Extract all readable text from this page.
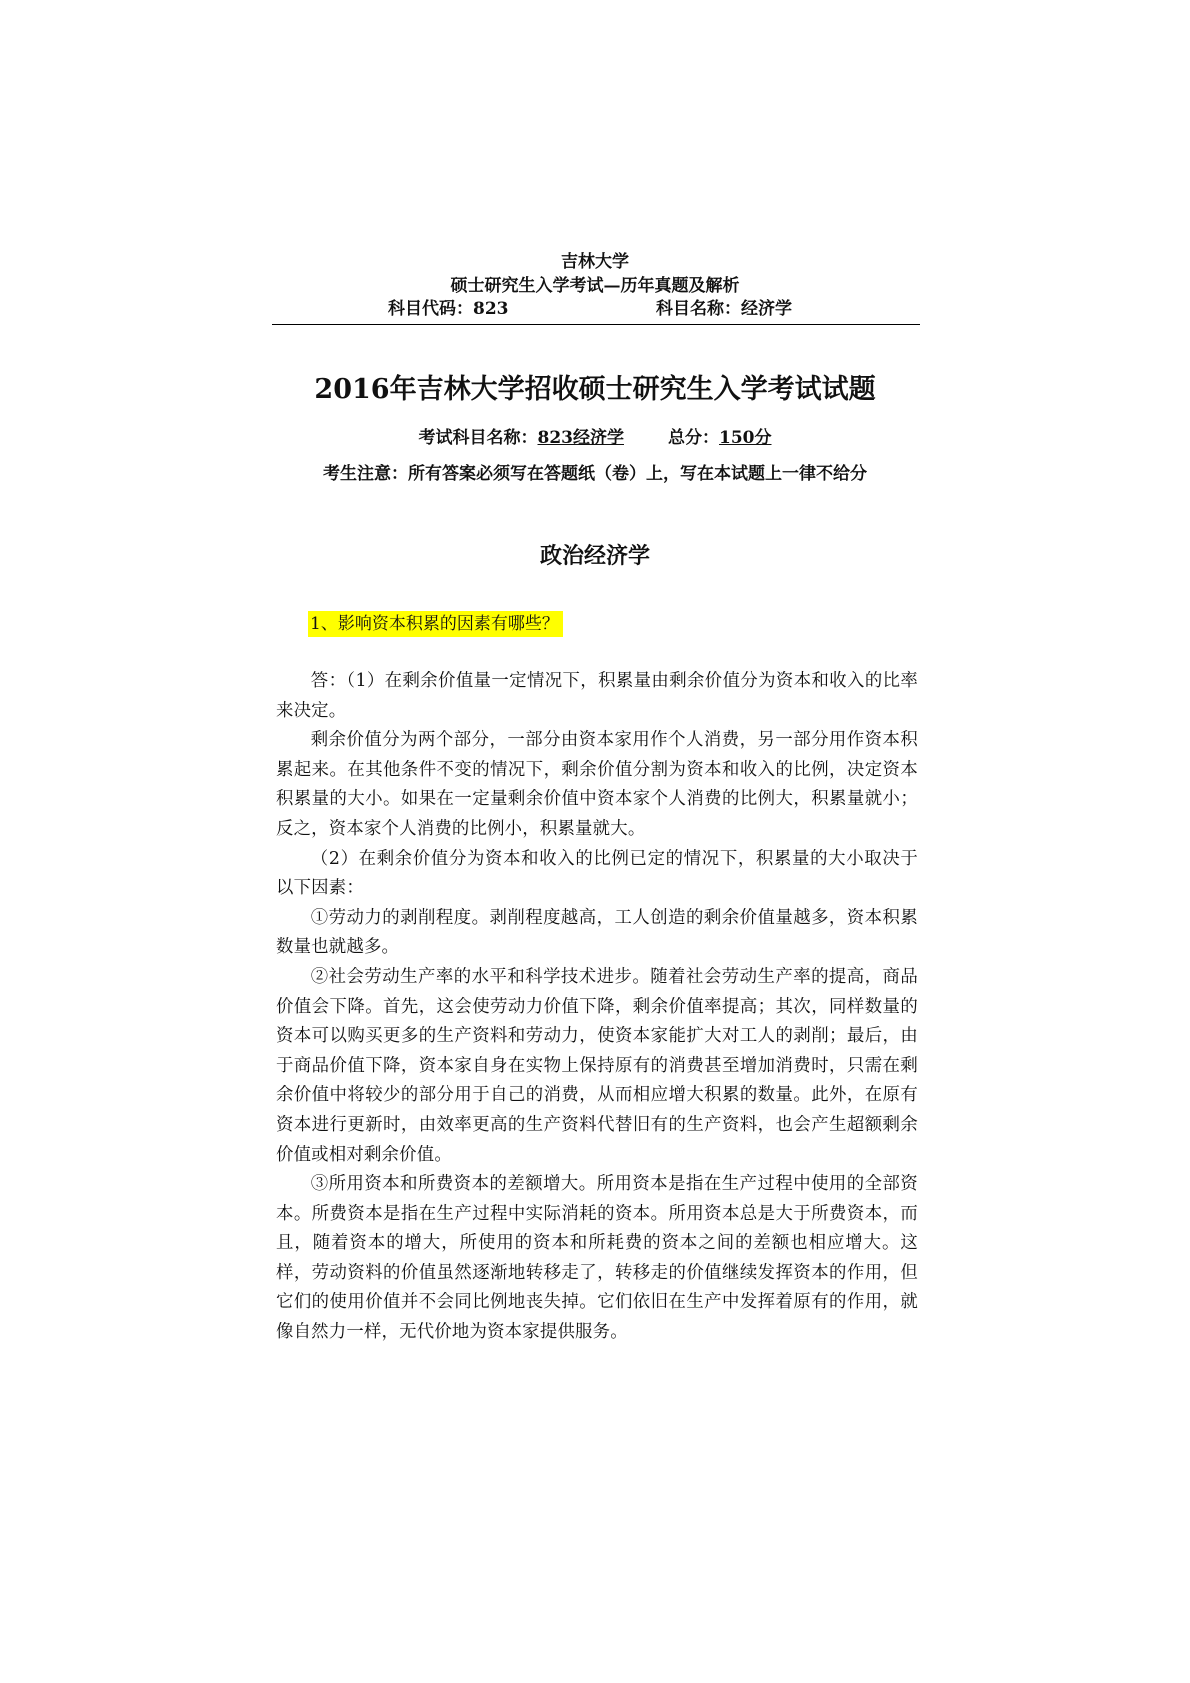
吉林大学
硕士研究生入学考试—历年真题及解析
科目代码：823	科目名称：经济学
2016年吉林大学招收硕士研究生入学考试试题
考试科目名称：823经济学	总分：150分
考生注意：所有答案必须写在答题纸（卷）上，写在本试题上一律不给分
政治经济学
1、影响资本积累的因素有哪些？

答：（1）在剩余价值量一定情况下，积累量由剩余价值分为资本和收入的比率来决定。

剩余价值分为两个部分，一部分由资本家用作个人消费，另一部分用作资本积累起来。在其他条件不变的情况下，剩余价值分割为资本和收入的比例，决定资本积累量的大小。如果在一定量剩余价值中资本家个人消费的比例大，积累量就小；反之，资本家个人消费的比例小，积累量就大。

（2）在剩余价值分为资本和收入的比例已定的情况下，积累量的大小取决于以下因素：

①劳动力的剥削程度。剥削程度越高，工人创造的剩余价值量越多，资本积累数量也就越多。

②社会劳动生产率的水平和科学技术进步。随着社会劳动生产率的提高，商品价值会下降。首先，这会使劳动力价值下降，剩余价值率提高；其次，同样数量的资本可以购买更多的生产资料和劳动力，使资本家能扩大对工人的剥削；最后，由于商品价值下降，资本家自身在实物上保持原有的消费甚至增加消费时，只需在剩余价值中将较少的部分用于自己的消费，从而相应增大积累的数量。此外，在原有资本进行更新时，由效率更高的生产资料代替旧有的生产资料，也会产生超额剩余价值或相对剩余价值。

③所用资本和所费资本的差额增大。所用资本是指在生产过程中使用的全部资本。所费资本是指在生产过程中实际消耗的资本。所用资本总是大于所费资本，而且，随着资本的增大，所使用的资本和所耗费的资本之间的差额也相应增大。这样，劳动资料的价值虽然逐渐地转移走了，转移走的价值继续发挥资本的作用，但它们的使用价值并不会同比例地丧失掉。它们依旧在生产中发挥着原有的作用，就像自然力一样，无代价地为资本家提供服务。
